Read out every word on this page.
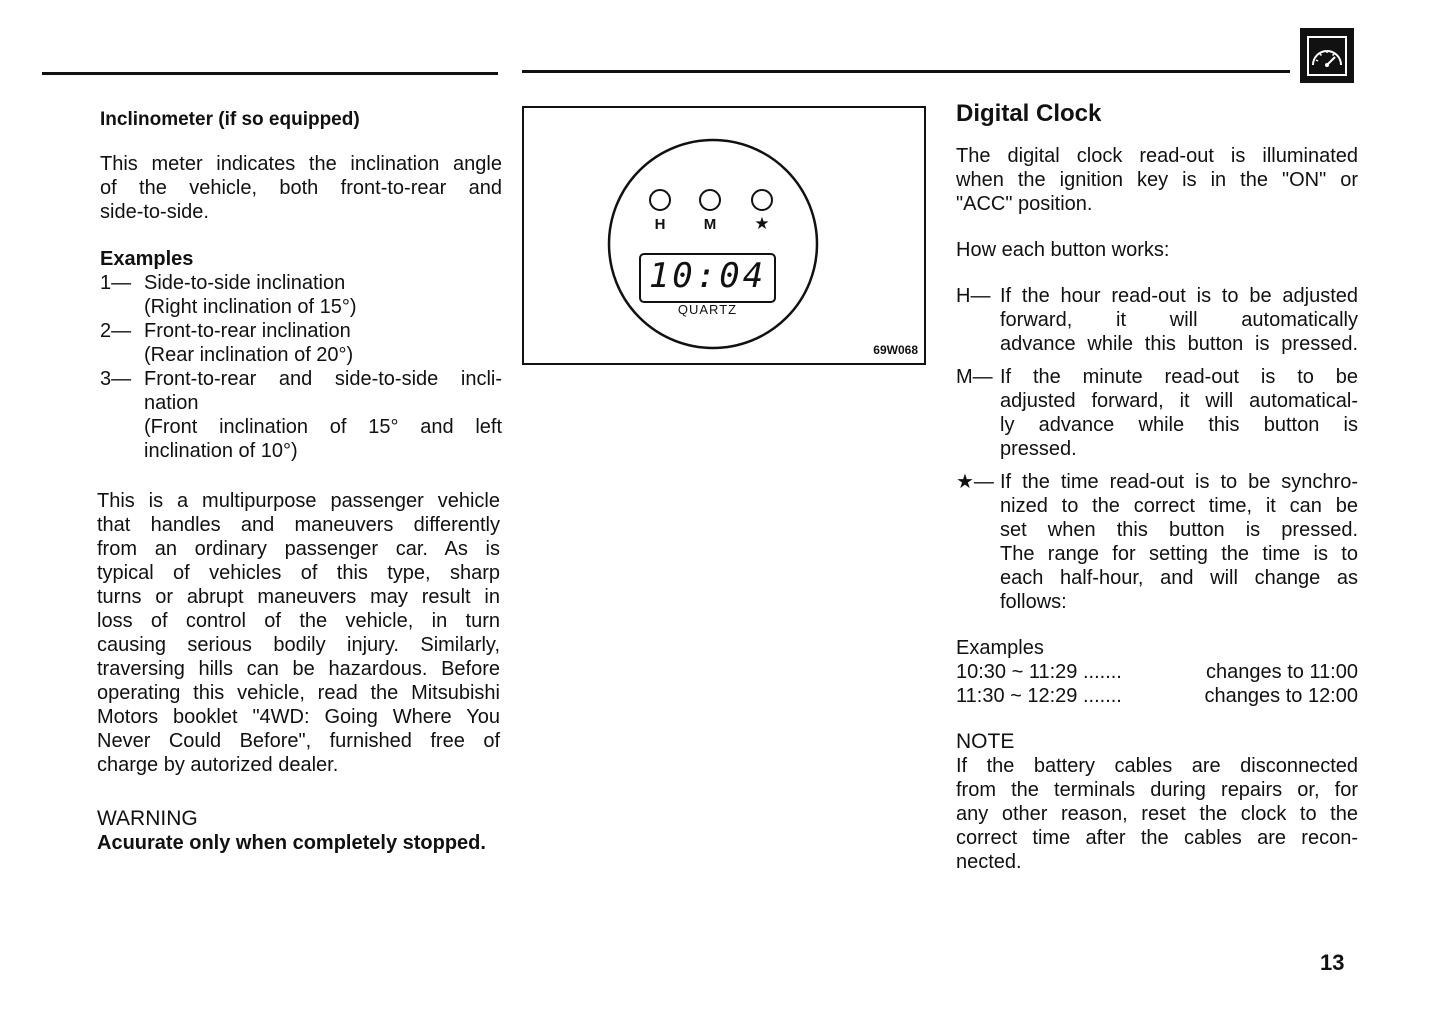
Inclinometer (if so equipped)

This meter indicates the inclination angle

of the vehicle, both front-to-rear and

side-to-side.

Examples

1— Side-to-side inclination

(Right inclination of 15°)

2— Front-to-rear inclination

(Rear inclination of 20°)

3— Front-to-rear and side-to-side incli-

nation

(Front inclination of 15° and left

inclination of 10°)

This is a multipurpose passenger vehicle

that handles and maneuvers differently

from an ordinary passenger car. As is

typical of vehicles of this type, sharp

turns or abrupt maneuvers may result in

loss of control of the vehicle, in turn

causing serious bodily injury. Similarly,

traversing hills can be hazardous. Before

operating this vehicle, read the Mitsubishi

Motors booklet "4WD: Going Where You

Never Could Before", furnished free of

charge by autorized dealer.

WARNING

Acuurate only when completely stopped.

H	M ★
10:04
QUARTZ
69W068

Digital Clock

The digital clock read-out is illuminated

when the ignition key is in the "ON" or

"ACC" position.

How each button works:

H— If the hour read-out is to be adjusted

forward, it will automatically

advance while this button is pressed.

M— If the minute read-out is to be

adjusted forward, it will automatical-

ly advance while this button is

pressed.

★— If the time read-out is to be synchro-

nized to the correct time, it can be

set when this button is pressed.

The range for setting the time is to

each half-hour, and will change as

follows:

Examples

10:30 ~ 11:29 .......	changes to 11:00
11:30 ~ 12:29 .......	changes to 12:00

NOTE

If the battery cables are disconnected

from the terminals during repairs or, for

any other reason, reset the clock to the

correct time after the cables are recon-

nected.

13
